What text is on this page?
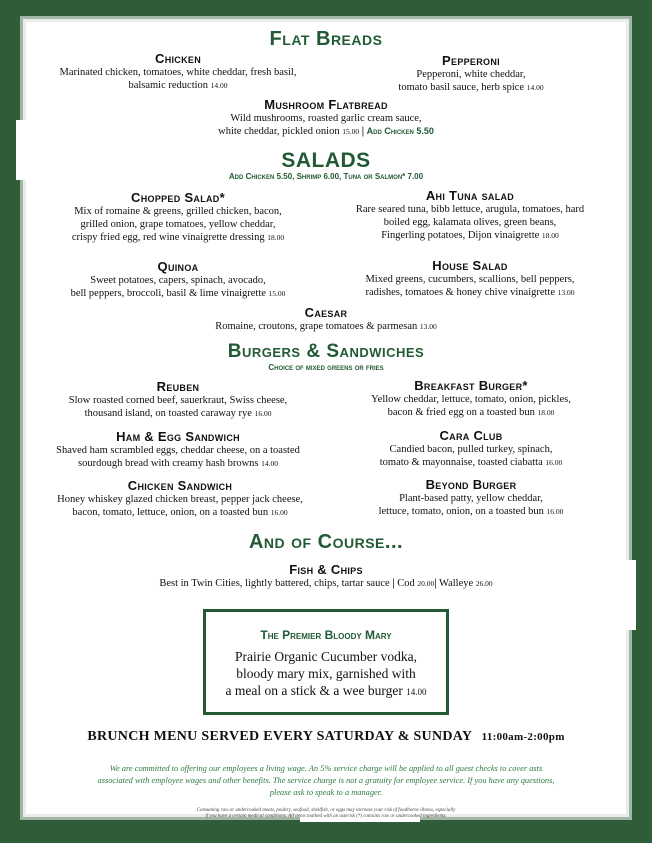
Flat Breads
Chicken
Marinated chicken, tomatoes, white cheddar, fresh basil,
balsamic reduction 14.00
Pepperoni
Pepperoni, white cheddar,
tomato basil sauce, herb spice 14.00
Mushroom Flatbread
Wild mushrooms, roasted garlic cream sauce,
white cheddar, pickled onion 15.00 | Add Chicken 5.50
SALADS
Add Chicken 5.50, Shrimp 6.00, Tuna or Salmon* 7.00
Chopped Salad*
Mix of romaine & greens, grilled chicken, bacon,
grilled onion, grape tomatoes, yellow cheddar,
crispy fried egg, red wine vinaigrette dressing 18.00
Ahi Tuna salad
Rare seared tuna, bibb lettuce, arugula, tomatoes, hard
boiled egg, kalamata olives, green beans,
Fingerling potatoes, Dijon vinaigrette 18.00
Quinoa
Sweet potatoes, capers, spinach, avocado,
bell peppers, broccoli, basil & lime vinaigrette 15.00
House Salad
Mixed greens, cucumbers, scallions, bell peppers,
radishes, tomatoes & honey chive vinaigrette 13.00
Caesar
Romaine, croutons, grape tomatoes & parmesan 13.00
Burgers & Sandwiches
Choice of mixed greens or fries
Reuben
Slow roasted corned beef, sauerkraut, Swiss cheese,
thousand island, on toasted caraway rye 16.00
Breakfast Burger*
Yellow cheddar, lettuce, tomato, onion, pickles,
bacon & fried egg on a toasted bun 18.00
Ham & Egg Sandwich
Shaved ham scrambled eggs, cheddar cheese, on a toasted
sourdough bread with creamy hash browns 14.00
Cara Club
Candied bacon, pulled turkey, spinach,
tomato & mayonnaise, toasted ciabatta 16.00
Chicken Sandwich
Honey whiskey glazed chicken breast, pepper jack cheese,
bacon, tomato, lettuce, onion, on a toasted bun 16.00
Beyond Burger
Plant-based patty, yellow cheddar,
lettuce, tomato, onion, on a toasted bun 16.00
And of Course...
Fish & Chips
Best in Twin Cities, lightly battered, chips, tartar sauce | Cod 20.00| Walleye 26.00
The Premier Bloody Mary
Prairie Organic Cucumber vodka,
bloody mary mix, garnished with
a meal on a stick & a wee burger 14.00
BRUNCH MENU SERVED EVERY SATURDAY & SUNDAY 11:00am-2:00pm
We are committed to offering our employees a living wage. An 5% service charge will be applied to all guest checks to cover asts
associated with employee wages and other benefits. The service charge is not a gratuity for employee service. If you have any questions,
please ask to speak to a manager.
Consuming raw or undercooked meats, poultry, seafood, shellfish, or eggs may increase your risk of foodborne illness, especially
if you have a certain medical conditions. All items marked with an asterisk (*) contains raw or undercooked ingredients.
